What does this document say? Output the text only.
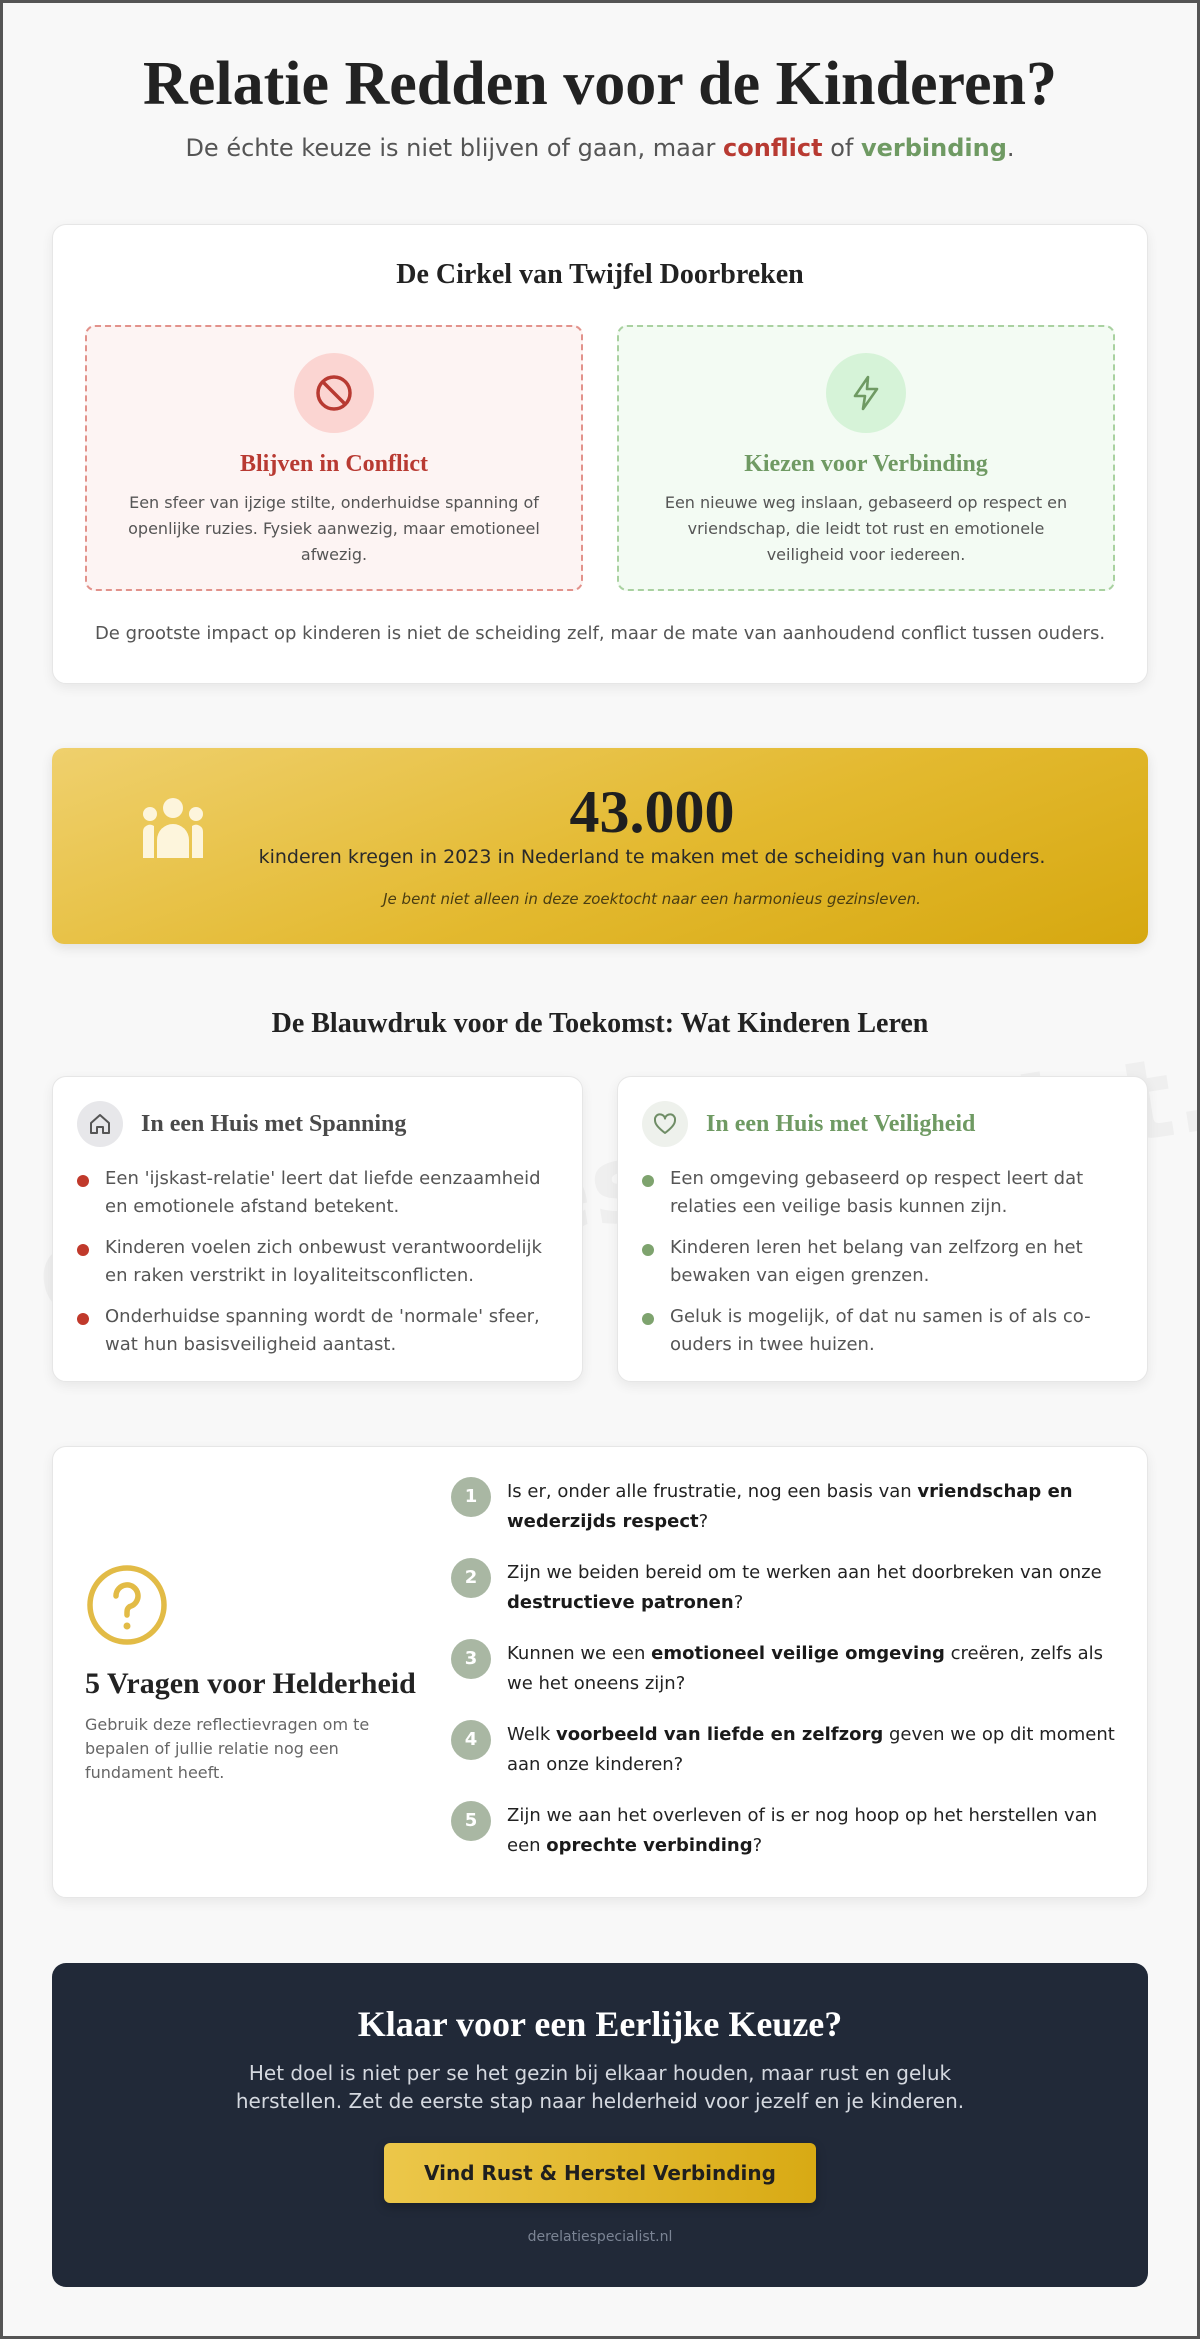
Relatie Redden voor de Kinderen?
De échte keuze is niet blijven of gaan, maar conflict of verbinding.
De Cirkel van Twijfel Doorbreken
Blijven in Conflict

Een sfeer van ijzige stilte, onderhuidse spanning of openlijke ruzies. Fysiek aanwezig, maar emotioneel afwezig.

Kiezen voor Verbinding

Een nieuwe weg inslaan, gebaseerd op respect en vriendschap, die leidt tot rust en emotionele veiligheid voor iedereen.

De grootste impact op kinderen is niet de scheiding zelf, maar de mate van aanhoudend conflict tussen ouders.
43.000
kinderen kregen in 2023 in Nederland te maken met de scheiding van hun ouders.
Je bent niet alleen in deze zoektocht naar een harmonieus gezinsleven.
De Blauwdruk voor de Toekomst: Wat Kinderen Leren
In een Huis met Spanning
Een 'ijskast-relatie' leert dat liefde eenzaamheid en emotionele afstand betekent.
Kinderen voelen zich onbewust verantwoordelijk en raken verstrikt in loyaliteitsconflicten.
Onderhuidse spanning wordt de 'normale' sfeer, wat hun basisveiligheid aantast.
In een Huis met Veiligheid
Een omgeving gebaseerd op respect leert dat relaties een veilige basis kunnen zijn.
Kinderen leren het belang van zelfzorg en het bewaken van eigen grenzen.
Geluk is mogelijk, of dat nu samen is of als co-ouders in twee huizen.
5 Vragen voor Helderheid

Gebruik deze reflectievragen om te bepalen of jullie relatie nog een fundament heeft.

1	Is er, onder alle frustratie, nog een basis van vriendschap en wederzijds respect?
2	Zijn we beiden bereid om te werken aan het doorbreken van onze destructieve patronen?
3	Kunnen we een emotioneel veilige omgeving creëren, zelfs als we het oneens zijn?
4	Welk voorbeeld van liefde en zelfzorg geven we op dit moment aan onze kinderen?
5	Zijn we aan het overleven of is er nog hoop op het herstellen van een oprechte verbinding?
Klaar voor een Eerlijke Keuze?

Het doel is niet per se het gezin bij elkaar houden, maar rust en geluk herstellen. Zet de eerste stap naar helderheid voor jezelf en je kinderen.

Vind Rust & Herstel Verbinding
derelatiespecialist.nl
